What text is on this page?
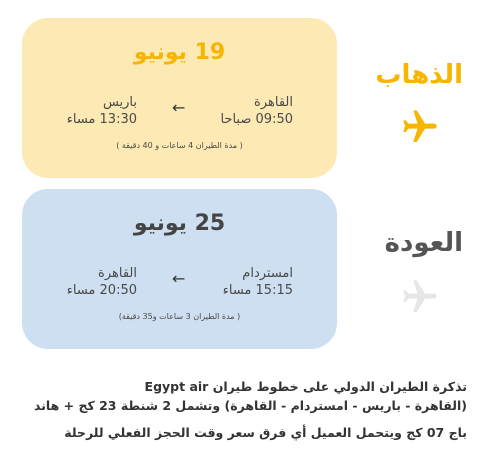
19 يونيو
القاهرة
09:50 صباحا
←
باريس
13:30 مساء
( مدة الطيران 4 ساعات و 40 دقيقة )
الذهاب
25 يونيو
امستردام
15:15 مساء
←
القاهرة
20:50 مساء
( مدة الطيران 3 ساعات و35 دقيقة)
العودة
تذكرة الطيران الدولي على خطوط طيران Egypt air
(القاهرة - باريس - امستردام - القاهرة) وتشمل 2 شنطة 23 كج + هاند
باج 07 كج ويتحمل العميل أي فرق سعر وقت الحجز الفعلي للرحلة
